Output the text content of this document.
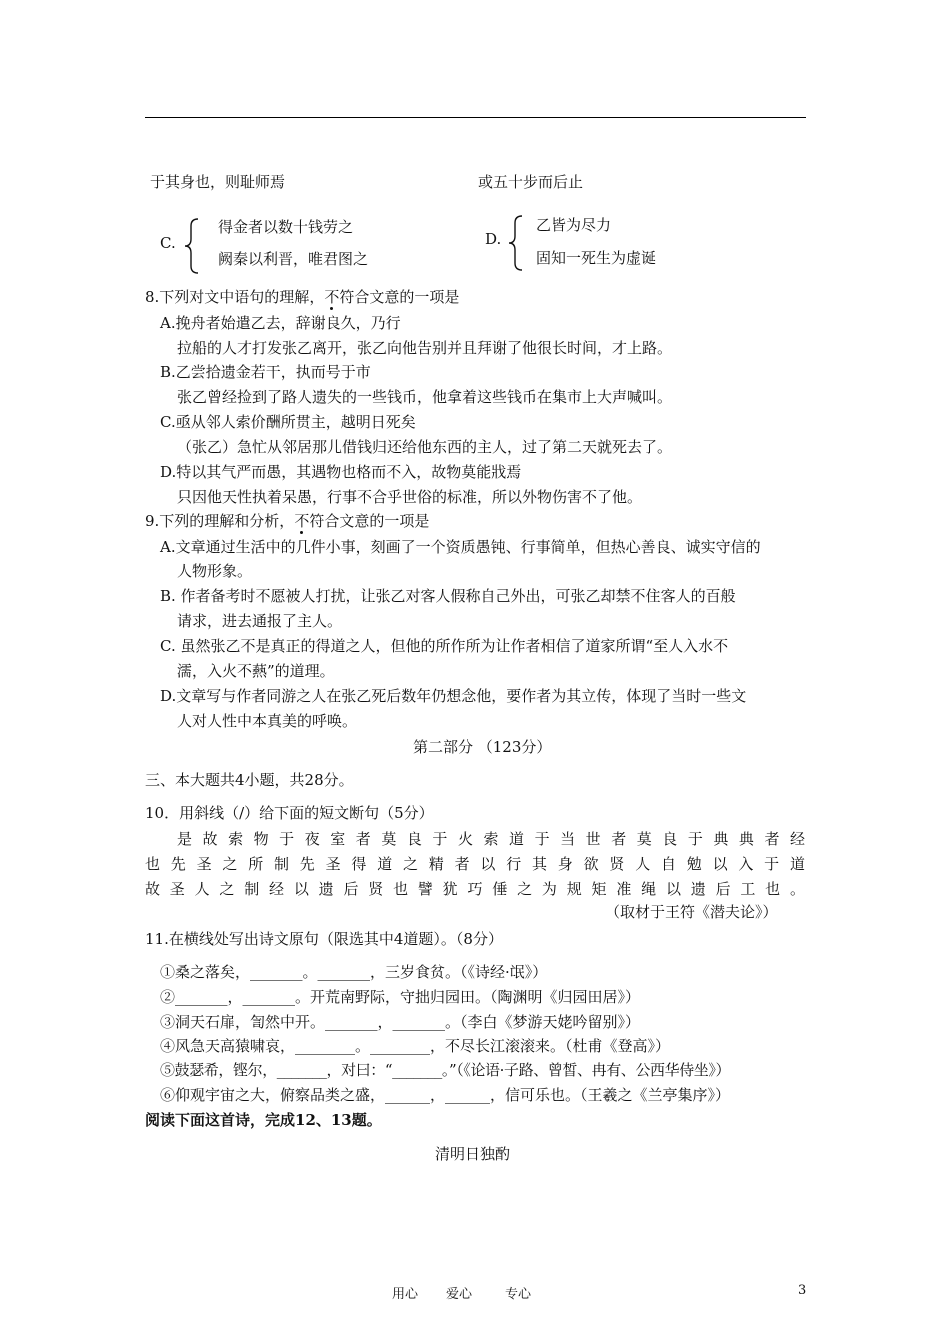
于其身也，则耻师焉	或五十步而后止
C.
得金者以数十钱劳之
阙秦以利晋，唯君图之
D.
乙皆为尽力
固知一死生为虚诞
8.下列对文中语句的理解，不符合文意的一项是
A.挽舟者始遣乙去，辞谢良久，乃行
拉船的人才打发张乙离开，张乙向他告别并且拜谢了他很长时间，才上路。
B.乙尝拾遗金若干，执而号于市
张乙曾经捡到了路人遗失的一些钱币，他拿着这些钱币在集市上大声喊叫。
C.亟从邻人索价酬所贯主，越明日死矣
（张乙）急忙从邻居那儿借钱归还给他东西的主人，过了第二天就死去了。
D.特以其气严而愚，其遇物也格而不入，故物莫能戕焉
只因他天性执着呆愚，行事不合乎世俗的标准，所以外物伤害不了他。
9.下列的理解和分析，不符合文意的一项是
A.文章通过生活中的几件小事，刻画了一个资质愚钝、行事简单，但热心善良、诚实守信的
人物形象。
B. 作者备考时不愿被人打扰，让张乙对客人假称自己外出，可张乙却禁不住客人的百般
请求，进去通报了主人。
C. 虽然张乙不是真正的得道之人，但他的所作所为让作者相信了道家所谓“至人入水不
濡，入火不爇”的道理。
D.文章写与作者同游之人在张乙死后数年仍想念他，要作者为其立传，体现了当时一些文
人对人性中本真美的呼唤。
第二部分 （123分）
三、本大题共4小题，共28分。
10．用斜线（/）给下面的短文断句（5分）
是故索物于夜室者莫良于火索道于当世者莫良于典典者经
也先圣之所制先圣得道之精者以行其身欲贤人自勉以入于道
故圣人之制经以遗后贤也譬犹巧倕之为规矩准绳以遗后工也。
（取材于王符《潜夫论》）
11.在横线处写出诗文原句（限选其中4道题）。（8分）
①桑之落矣，_______。_______，三岁食贫。（《诗经·氓》）
②_______，_______。开荒南野际，守拙归园田。（陶渊明《归园田居》）
③洞天石扉，訇然中开。_______，_______。（李白《梦游天姥吟留别》）
④风急天高猿啸哀，________。________，不尽长江滚滚来。（杜甫《登高》）
⑤鼓瑟希，铿尔，_______，对曰：“_______。”（《论语·子路、曾皙、冉有、公西华侍坐》）
⑥仰观宇宙之大，俯察品类之盛，______，______，信可乐也。（王羲之《兰亭集序》）
阅读下面这首诗，完成12、13题。
清明日独酌
用心 爱心	专心	3
